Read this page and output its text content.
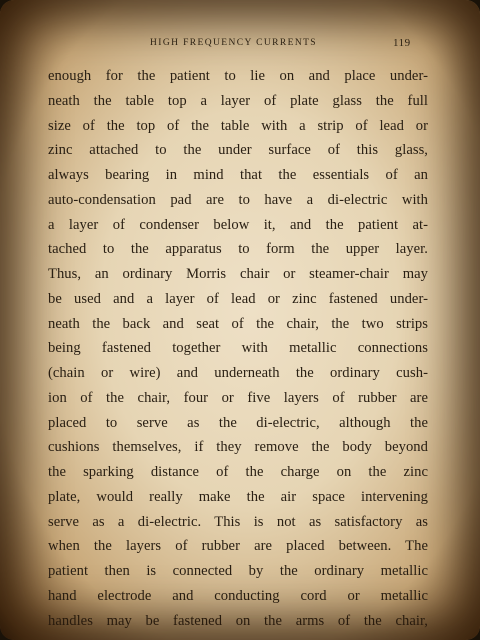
HIGH FREQUENCY CURRENTS	119
enough for the patient to lie on and place under-
neath the table top a layer of plate glass the full
size of the top of the table with a strip of lead or
zinc attached to the under surface of this glass,
always bearing in mind that the essentials of an
auto-condensation pad are to have a di-electric with
a layer of condenser below it, and the patient at-
tached to the apparatus to form the upper layer.
Thus, an ordinary Morris chair or steamer-chair may
be used and a layer of lead or zinc fastened under-
neath the back and seat of the chair, the two strips
being fastened together with metallic connections
(chain or wire) and underneath the ordinary cush-
ion of the chair, four or five layers of rubber are
placed to serve as the di-electric, although the
cushions themselves, if they remove the body beyond
the sparking distance of the charge on the zinc
plate, would really make the air space intervening
serve as a di-electric. This is not as satisfactory as
when the layers of rubber are placed between. The
patient then is connected by the ordinary metallic
hand electrode and conducting cord or metallic
handles may be fastened on the arms of the chair,
